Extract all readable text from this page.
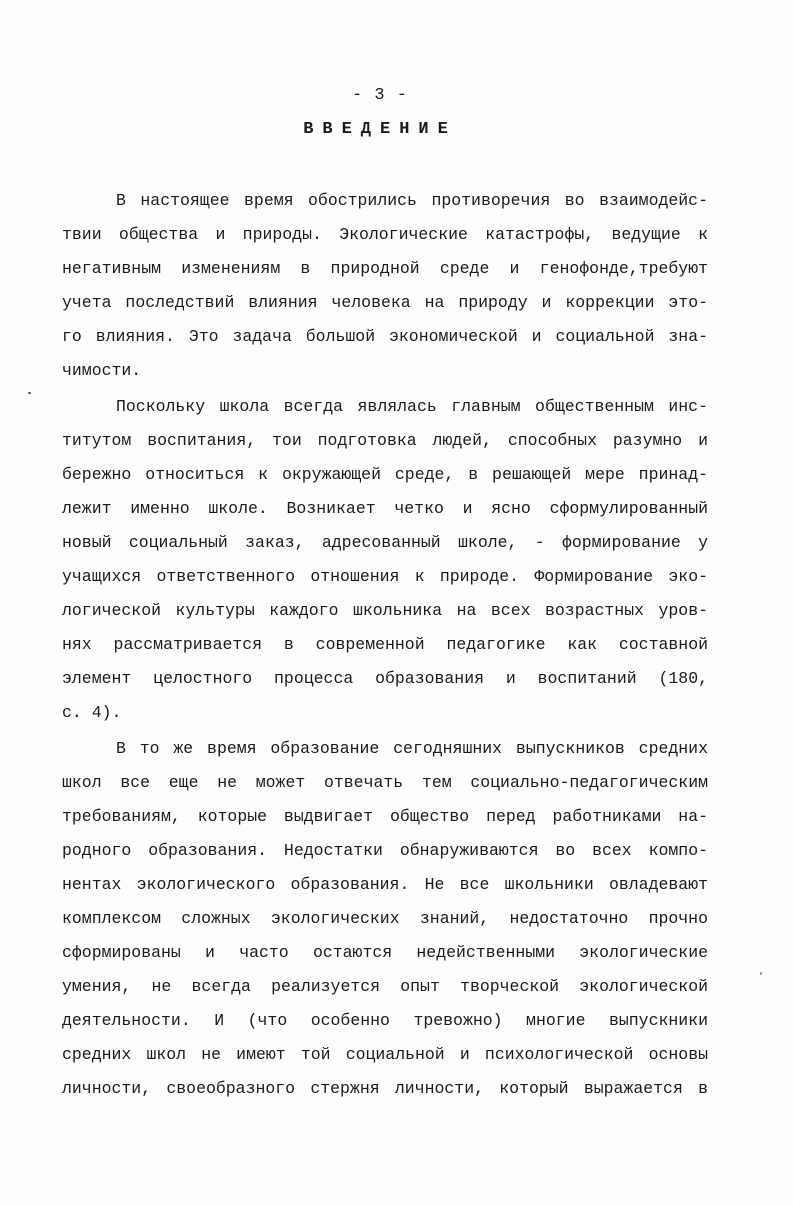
- 3 -
ВВЕДЕНИЕ
В настоящее время обострились противоречия во взаимодейс-
твии общества и природы. Экологические катастрофы, ведущие к
негативным изменениям в природной среде и генофонде,требуют
учета последствий влияния человека на природу и коррекции это-
го влияния. Это задача большой экономической и социальной зна-
чимости.
Поскольку школа всегда являлась главным общественным инс-
титутом воспитания, тои подготовка людей, способных разумно и
бережно относиться к окружающей среде, в решающей мере принад-
лежит именно школе. Возникает четко и ясно сформулированный
новый социальный заказ, адресованный школе, - формирование у
учащихся ответственного отношения к природе. Формирование эко-
логической культуры каждого школьника на всех возрастных уров-
нях рассматривается в современной педагогике как составной
элемент целостного процесса образования и воспитаний (180,
с. 4).
В то же время образование сегодняшних выпускников средних
школ все еще не может отвечать тем социально-педагогическим
требованиям, которые выдвигает общество перед работниками на-
родного образования. Недостатки обнаруживаются во всех компо-
нентах экологического образования. Не все школьники овладевают
комплексом сложных экологических знаний, недостаточно прочно
сформированы и часто остаются недейственными экологические
умения, не всегда реализуется опыт творческой экологической
деятельности. И (что особенно тревожно) многие выпускники
средних школ не имеют той социальной и психологической основы
личности, своеобразного стержня личности, который выражается в
